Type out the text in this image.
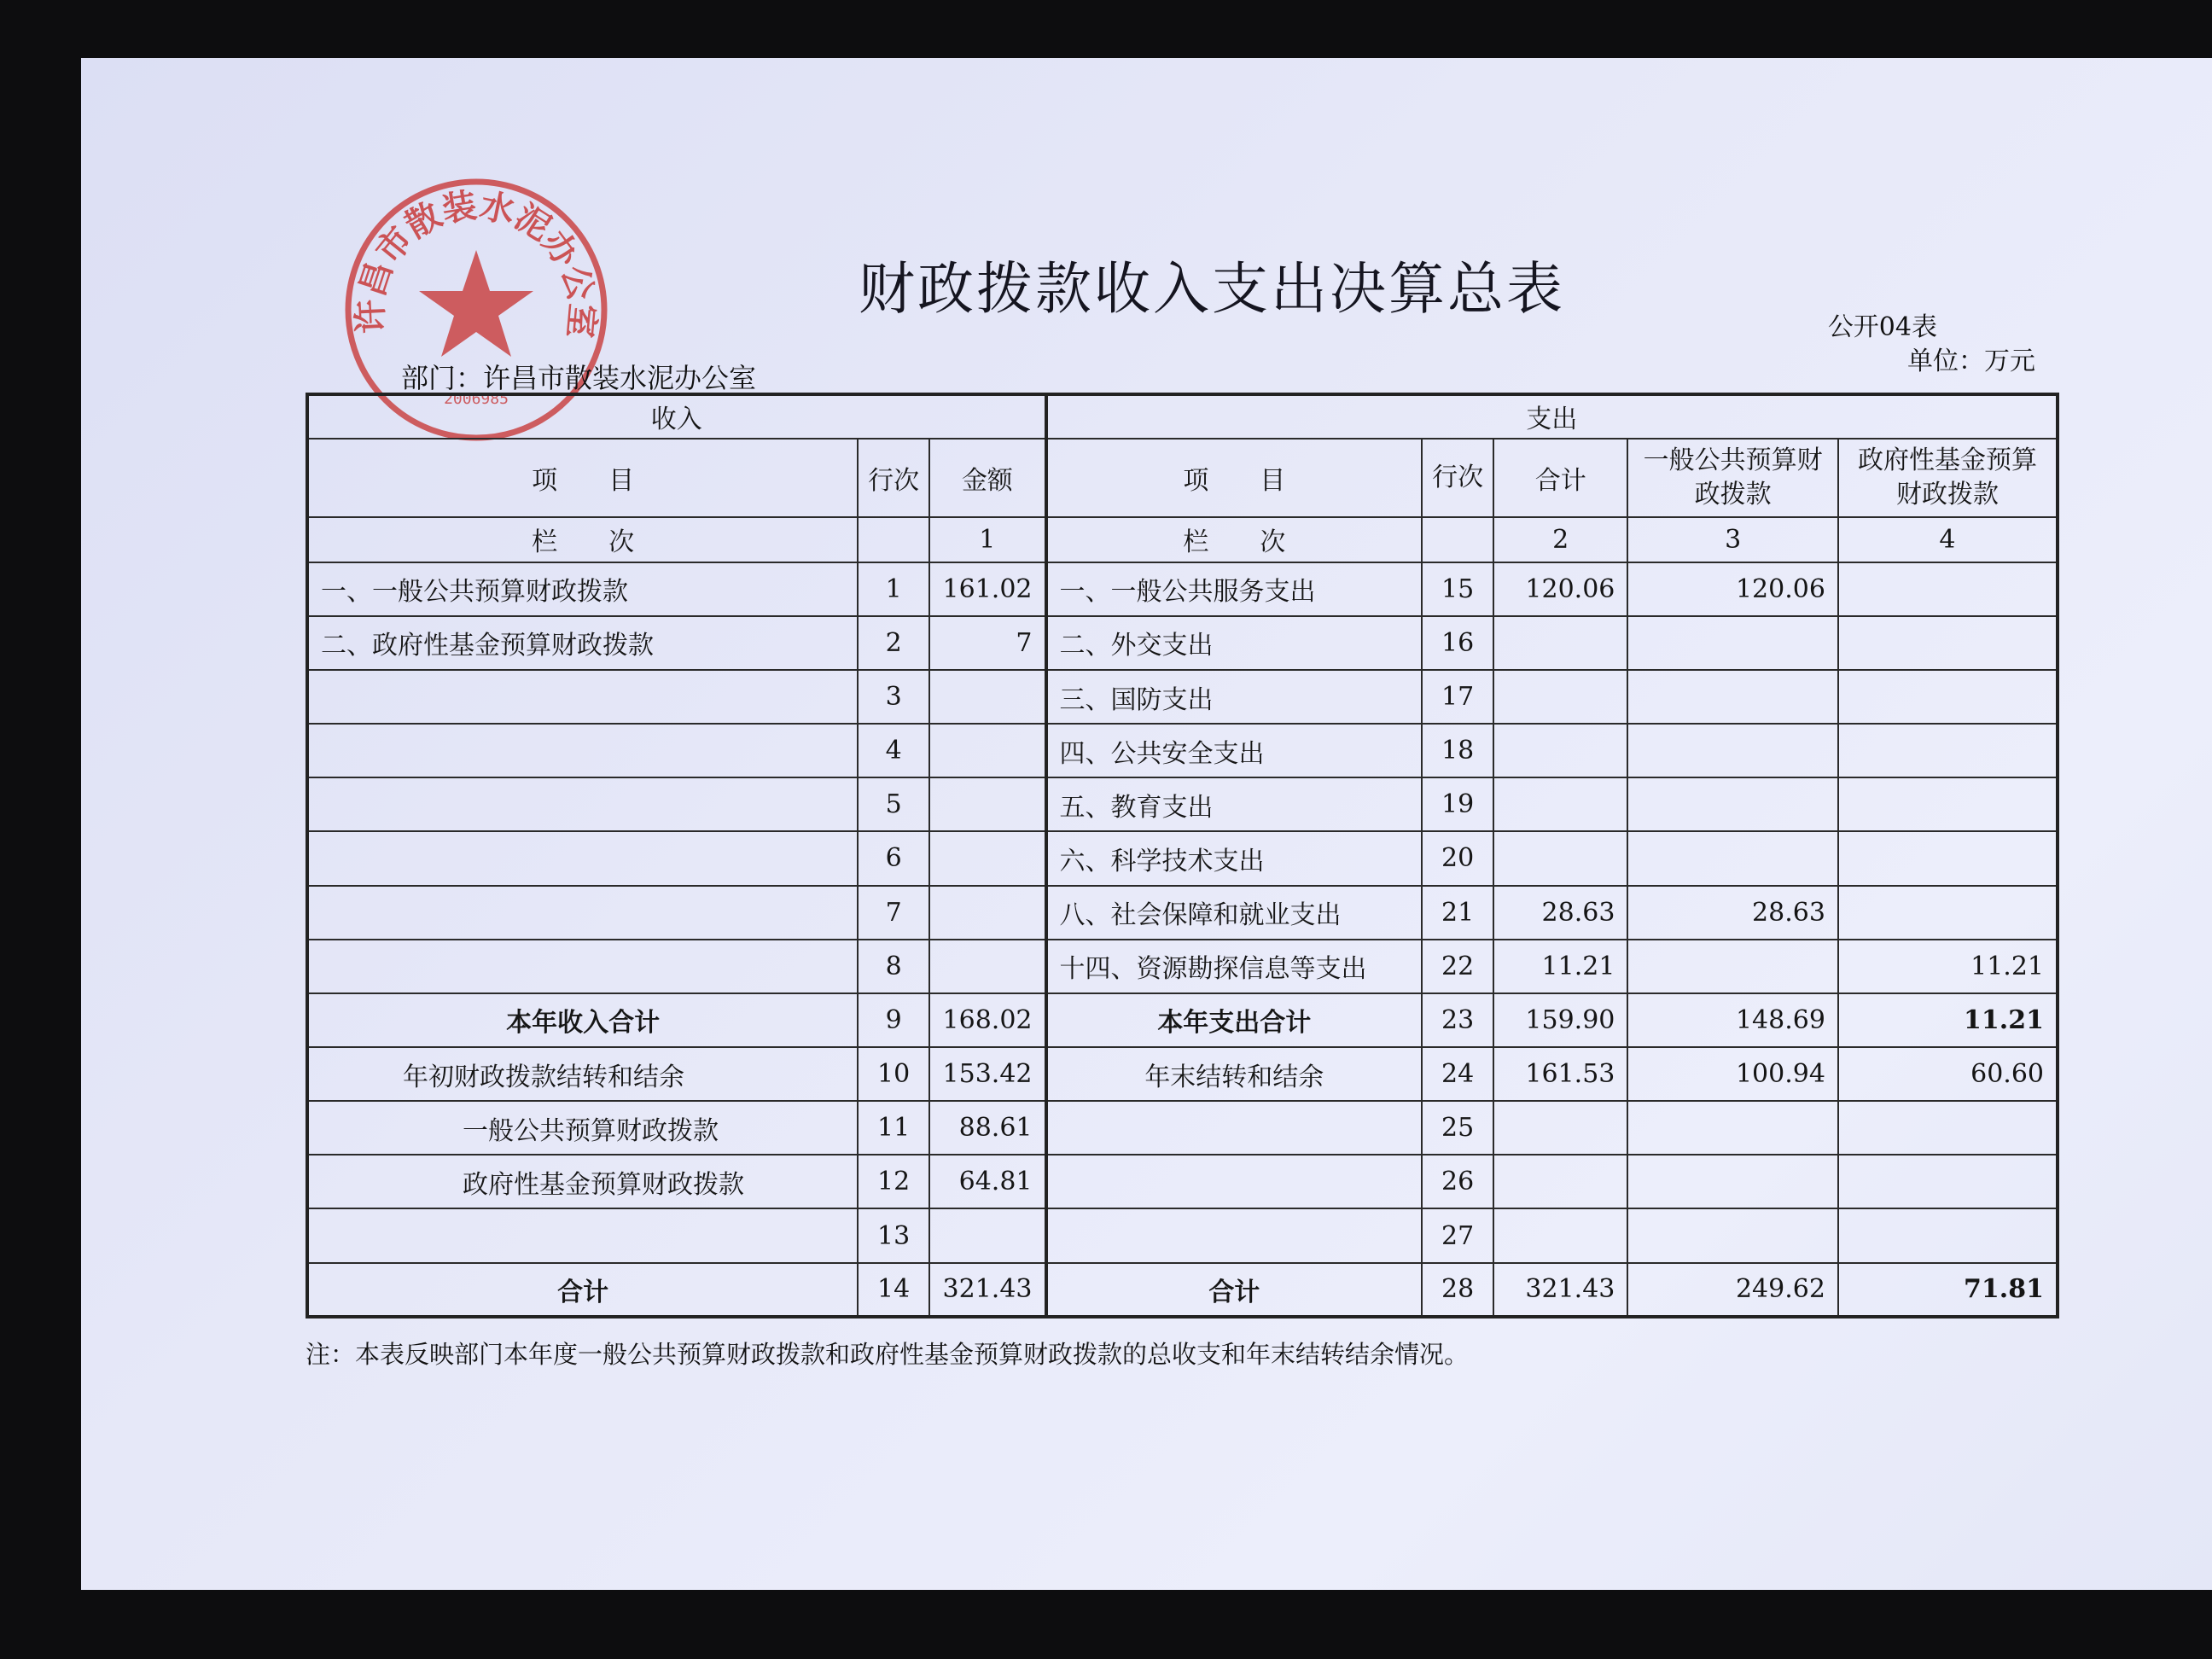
许昌市散装水泥办公室
2006985
财政拨款收入支出决算总表
公开04表
单位：万元
部门：许昌市散装水泥办公室
收入			支出				
项　　目	行次	金额	项　　目	行次	合计	一般公共预算财政拨款	政府性基金预算财政拨款
栏　　次		1	栏　　次		2	3	4
一、一般公共预算财政拨款	1	161.02	一、一般公共服务支出	15	120.06	120.06	
二、政府性基金预算财政拨款	2	7	二、外交支出	16			
	3		三、国防支出	17			
	4		四、公共安全支出	18			
	5		五、教育支出	19			
	6		六、科学技术支出	20			
	7		八、社会保障和就业支出	21	28.63	28.63	
	8		十四、资源勘探信息等支出	22	11.21		11.21
本年收入合计	9	168.02	本年支出合计	23	159.90	148.69	11.21
年初财政拨款结转和结余	10	153.42	年末结转和结余	24	161.53	100.94	60.60
一般公共预算财政拨款	11	88.61		25			
政府性基金预算财政拨款	12	64.81		26			
	13			27			
合计	14	321.43	合计	28	321.43	249.62	71.81
注：本表反映部门本年度一般公共预算财政拨款和政府性基金预算财政拨款的总收支和年末结转结余情况。
